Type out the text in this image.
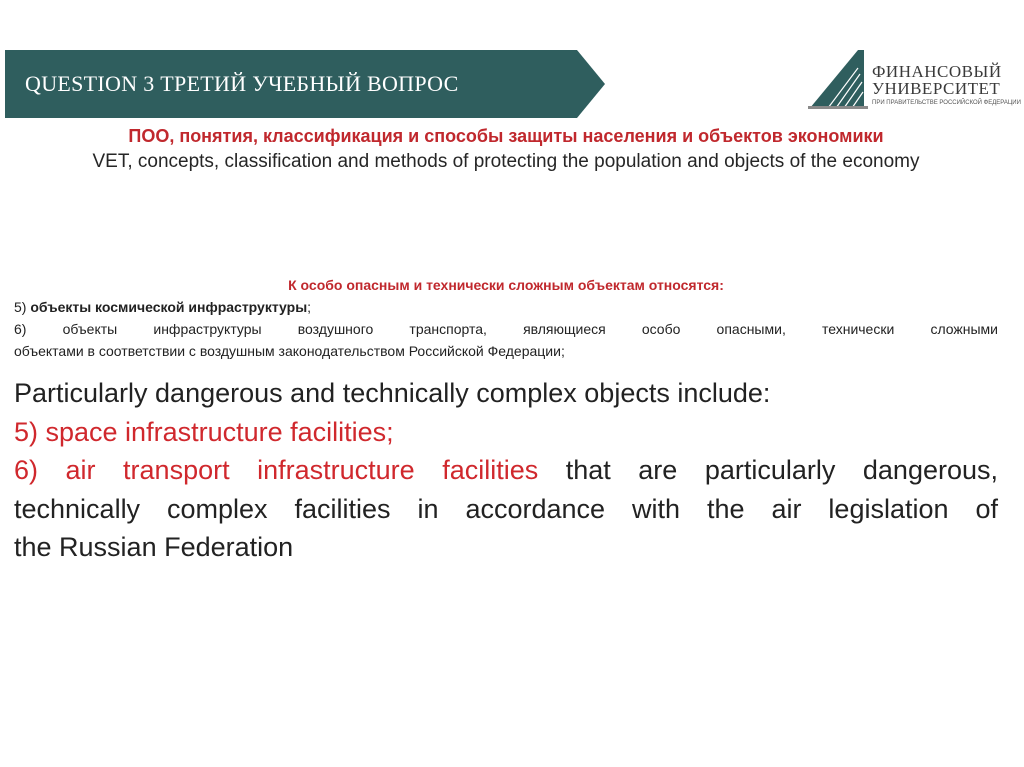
QUESTION 3 ТРЕТИЙ УЧЕБНЫЙ ВОПРОС	ФИНАНСОВЫЙ
УНИВЕРСИТЕТ
ПРИ ПРАВИТЕЛЬСТВЕ РОССИЙСКОЙ ФЕДЕРАЦИИ
ПОО, понятия, классификация и способы защиты населения и объектов экономики
VET, concepts, classification and methods of protecting the population and objects of the economy
К особо опасным и технически сложным объектам относятся:
5) объекты космической инфраструктуры;
6) объекты инфраструктуры воздушного транспорта, являющиеся особо опасными, технически сложными
объектами в соответствии с воздушным законодательством Российской Федерации;
Particularly dangerous and technically complex objects include:
5) space infrastructure facilities;
6) air transport infrastructure facilities that are particularly dangerous,
technically complex facilities in accordance with the air legislation of
the Russian Federation
